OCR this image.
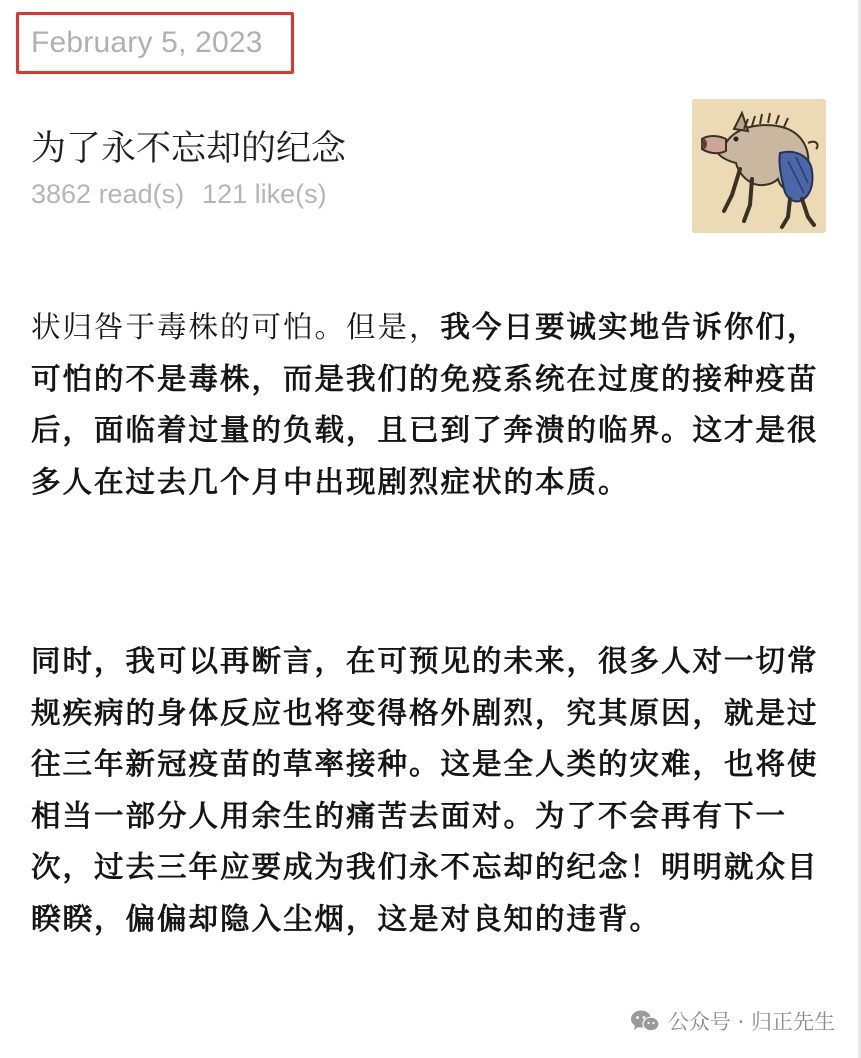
February 5, 2023
为了永不忘却的纪念
3862 read(s) 121 like(s)

状归咎于毒株的可怕。但是，我今日要诚实地告诉你们，可怕的不是毒株，而是我们的免疫系统在过度的接种疫苗后，面临着过量的负载，且已到了奔溃的临界。这才是很多人在过去几个月中出现剧烈症状的本质。

同时，我可以再断言，在可预见的未来，很多人对一切常规疾病的身体反应也将变得格外剧烈，究其原因，就是过往三年新冠疫苗的草率接种。这是全人类的灾难，也将使相当一部分人用余生的痛苦去面对。为了不会再有下一次，过去三年应要成为我们永不忘却的纪念！明明就众目睽睽，偏偏却隐入尘烟，这是对良知的违背。

公众号 · 归正先生
